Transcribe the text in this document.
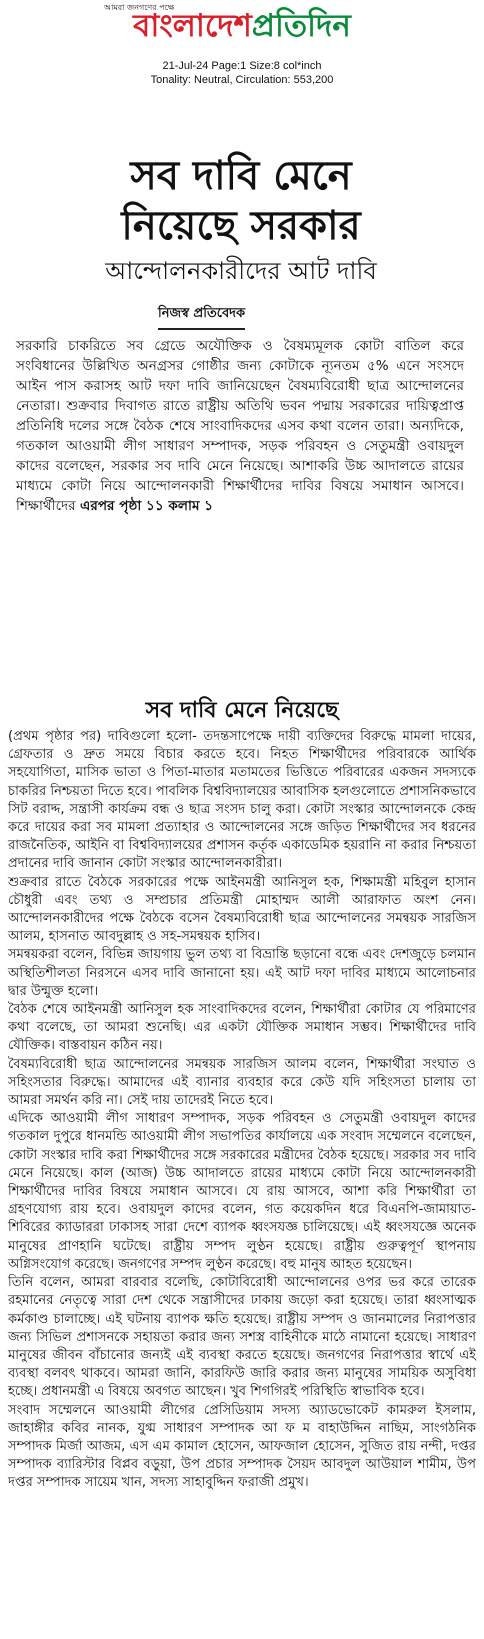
আমরা জনগণের পক্ষে
বাংলাদেশপ্রতিদিন
21-Jul-24 Page:1 Size:8 col*inch
Tonality: Neutral, Circulation: 553,200
সব দাবি মেনে
নিয়েছে সরকার
আন্দোলনকারীদের আট দাবি
নিজস্ব প্রতিবেদক
সরকারি চাকরিতে সব গ্রেডে অযৌক্তিক ও বৈষম্যমূলক কোটা বাতিল করে সংবিধানের উল্লিখিত অনগ্রসর গোষ্ঠীর জন্য কোটাকে ন্যূনতম ৫% এনে সংসদে আইন পাস করাসহ আট দফা দাবি জানিয়েছেন বৈষম্যবিরোধী ছাত্র আন্দোলনের নেতারা। শুক্রবার দিবাগত রাতে রাষ্ট্রীয় অতিথি ভবন পদ্মায় সরকারের দায়িত্বপ্রাপ্ত প্রতিনিধি দলের সঙ্গে বৈঠক শেষে সাংবাদিকদের এসব কথা বলেন তারা। অন্যদিকে, গতকাল আওয়ামী লীগ সাধারণ সম্পাদক, সড়ক পরিবহন ও সেতুমন্ত্রী ওবায়দুল কাদের বলেছেন, সরকার সব দাবি মেনে নিয়েছে। আশাকরি উচ্চ আদালতে রায়ের মাধ্যমে কোটা নিয়ে আন্দোলনকারী শিক্ষার্থীদের দাবির বিষয়ে সমাধান আসবে। শিক্ষার্থীদের এরপর পৃষ্ঠা ১১ কলাম ১
সব দাবি মেনে নিয়েছে

(প্রথম পৃষ্ঠার পর) দাবিগুলো হলো- তদন্তসাপেক্ষে দায়ী ব্যক্তিদের বিরুদ্ধে মামলা দায়ের, গ্রেফতার ও দ্রুত সময়ে বিচার করতে হবে। নিহত শিক্ষার্থীদের পরিবারকে আর্থিক সহযোগিতা, মাসিক ভাতা ও পিতা-মাতার মতামতের ভিত্তিতে পরিবারের একজন সদস্যকে চাকরির নিশ্চয়তা দিতে হবে। পাবলিক বিশ্ববিদ্যালয়ের আবাসিক হলগুলোতে প্রশাসনিকভাবে সিট বরাদ্দ, সন্ত্রাসী কার্যক্রম বন্ধ ও ছাত্র সংসদ চালু করা। কোটা সংস্কার আন্দোলনকে কেন্দ্র করে দায়ের করা সব মামলা প্রত্যাহার ও আন্দোলনের সঙ্গে জড়িত শিক্ষার্থীদের সব ধরনের রাজনৈতিক, আইনি বা বিশ্ববিদ্যালয়ের প্রশাসন কর্তৃক একাডেমিক হয়রানি না করার নিশ্চয়তা প্রদানের দাবি জানান কোটা সংস্কার আন্দোলনকারীরা।

শুক্রবার রাতে বৈঠকে সরকারের পক্ষে আইনমন্ত্রী আনিসুল হক, শিক্ষামন্ত্রী মহিবুল হাসান চৌধুরী এবং তথ্য ও সম্প্রচার প্রতিমন্ত্রী মোহাম্মদ আলী আরাফাত অংশ নেন। আন্দোলনকারীদের পক্ষে বৈঠকে বসেন বৈষম্যবিরোধী ছাত্র আন্দোলনের সমন্বয়ক সারজিস আলম, হাসনাত আবদুল্লাহ ও সহ-সমন্বয়ক হাসিব।

সমন্বয়করা বলেন, বিভিন্ন জায়গায় ভুল তথ্য বা বিভ্রান্তি ছড়ানো বন্ধে এবং দেশজুড়ে চলমান অস্থিতিশীলতা নিরসনে এসব দাবি জানানো হয়। এই আট দফা দাবির মাধ্যমে আলোচনার দ্বার উন্মুক্ত হলো।

বৈঠক শেষে আইনমন্ত্রী আনিসুল হক সাংবাদিকদের বলেন, শিক্ষার্থীরা কোটার যে পরিমাণের কথা বলেছে, তা আমরা শুনেছি। এর একটা যৌক্তিক সমাধান সম্ভব। শিক্ষার্থীদের দাবি যৌক্তিক। বাস্তবায়ন কঠিন নয়।

বৈষম্যবিরোধী ছাত্র আন্দোলনের সমন্বয়ক সারজিস আলম বলেন, শিক্ষার্থীরা সংঘাত ও সহিংসতার বিরুদ্ধে। আমাদের এই ব্যানার ব্যবহার করে কেউ যদি সহিংসতা চালায় তা আমরা সমর্থন করি না। সেই দায় তাদেরই নিতে হবে।

এদিকে আওয়ামী লীগ সাধারণ সম্পাদক, সড়ক পরিবহন ও সেতুমন্ত্রী ওবায়দুল কাদের গতকাল দুপুরে ধানমন্ডি আওয়ামী লীগ সভাপতির কার্যালয়ে এক সংবাদ সম্মেলনে বলেছেন, কোটা সংস্কার দাবি করা শিক্ষার্থীদের সঙ্গে সরকারের মন্ত্রীদের বৈঠক হয়েছে। সরকার সব দাবি মেনে নিয়েছে। কাল (আজ) উচ্চ আদালতে রায়ের মাধ্যমে কোটা নিয়ে আন্দোলনকারী শিক্ষার্থীদের দাবির বিষয়ে সমাধান আসবে। যে রায় আসবে, আশা করি শিক্ষার্থীরা তা গ্রহণযোগ্য রায় হবে। ওবায়দুল কাদের বলেন, গত কয়েকদিন ধরে বিএনপি-জামায়াত-শিবিরের ক্যাডাররা ঢাকাসহ সারা দেশে ব্যাপক ধ্বংসযজ্ঞ চালিয়েছে। এই ধ্বংসযজ্ঞে অনেক মানুষের প্রাণহানি ঘটেছে। রাষ্ট্রীয় সম্পদ লুণ্ঠন হয়েছে। রাষ্ট্রীয় গুরুত্বপূর্ণ স্থাপনায় অগ্নিসংযোগ করেছে। জনগণের সম্পদ লুণ্ঠন করেছে। বহু মানুষ আহত হয়েছেন।

তিনি বলেন, আমরা বারবার বলেছি, কোটাবিরোধী আন্দোলনের ওপর ভর করে তারেক রহমানের নেতৃত্বে সারা দেশ থেকে সন্ত্রাসীদের ঢাকায় জড়ো করা হয়েছে। তারা ধ্বংসাত্মক কর্মকাণ্ড চালাচ্ছে। এই ঘটনায় ব্যাপক ক্ষতি হয়েছে। রাষ্ট্রীয় সম্পদ ও জানমালের নিরাপত্তার জন্য সিভিল প্রশাসনকে সহায়তা করার জন্য সশস্ত্র বাহিনীকে মাঠে নামানো হয়েছে। সাধারণ মানুষের জীবন বাঁচানোর জন্যই এই ব্যবস্থা করতে হয়েছে। জনগণের নিরাপত্তার স্বার্থে এই ব্যবস্থা বলবৎ থাকবে। আমরা জানি, কারফিউ জারি করার জন্য মানুষের সাময়িক অসুবিধা হচ্ছে। প্রধানমন্ত্রী এ বিষয়ে অবগত আছেন। খুব শিগগিরই পরিস্থিতি স্বাভাবিক হবে।

সংবাদ সম্মেলনে আওয়ামী লীগের প্রেসিডিয়াম সদস্য অ্যাডভোকেট কামরুল ইসলাম, জাহাঙ্গীর কবির নানক, যুগ্ম সাধারণ সম্পাদক আ ফ ম বাহাউদ্দিন নাছিম, সাংগঠনিক সম্পাদক মির্জা আজম, এস এম কামাল হোসেন, আফজাল হোসেন, সুজিত রায় নন্দী, দপ্তর সম্পাদক ব্যারিস্টার বিপ্লব বড়ুয়া, উপ প্রচার সম্পাদক সৈয়দ আবদুল আউয়াল শামীম, উপ দপ্তর সম্পাদক সায়েম খান, সদস্য সাহাবুদ্দিন ফরাজী প্রমুখ।
